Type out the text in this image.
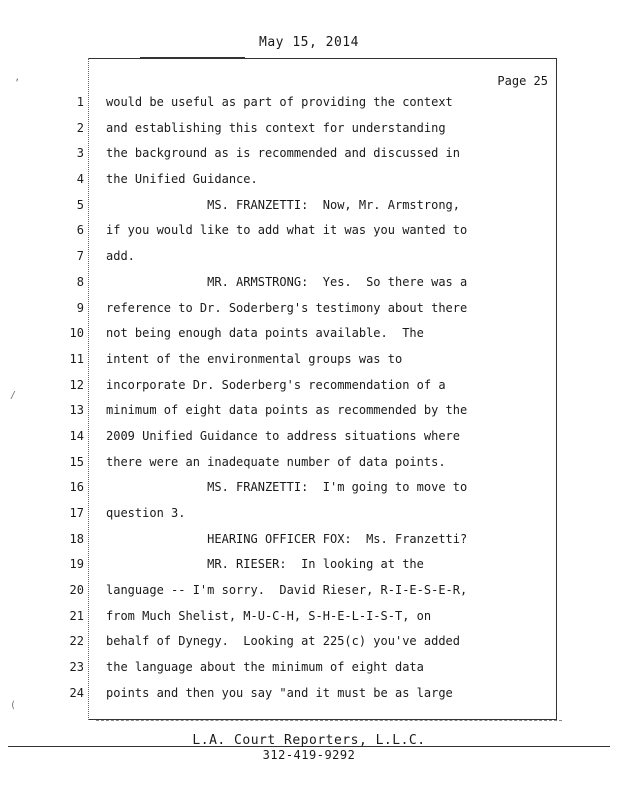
May 15, 2014
Page 25
1
2
3
4
5
6
7
8
9
10
11
12
13
14
15
16
17
18
19
20
21
22
23
24
would be useful as part of providing the context
and establishing this context for understanding
the background as is recommended and discussed in
the Unified Guidance.
MS. FRANZETTI:  Now, Mr. Armstrong,
if you would like to add what it was you wanted to
add.
MR. ARMSTRONG:  Yes.  So there was a
reference to Dr. Soderberg's testimony about there
not being enough data points available.  The
intent of the environmental groups was to
incorporate Dr. Soderberg's recommendation of a
minimum of eight data points as recommended by the
2009 Unified Guidance to address situations where
there were an inadequate number of data points.
MS. FRANZETTI:  I'm going to move to
question 3.
HEARING OFFICER FOX:  Ms. Franzetti?
MR. RIESER:  In looking at the
language -- I'm sorry.  David Rieser, R-I-E-S-E-R,
from Much Shelist, M-U-C-H, S-H-E-L-I-S-T, on
behalf of Dynegy.  Looking at 225(c) you've added
the language about the minimum of eight data
points and then you say "and it must be as large
ʼ
/
(
L.A. Court Reporters, L.L.C.
312-419-9292
